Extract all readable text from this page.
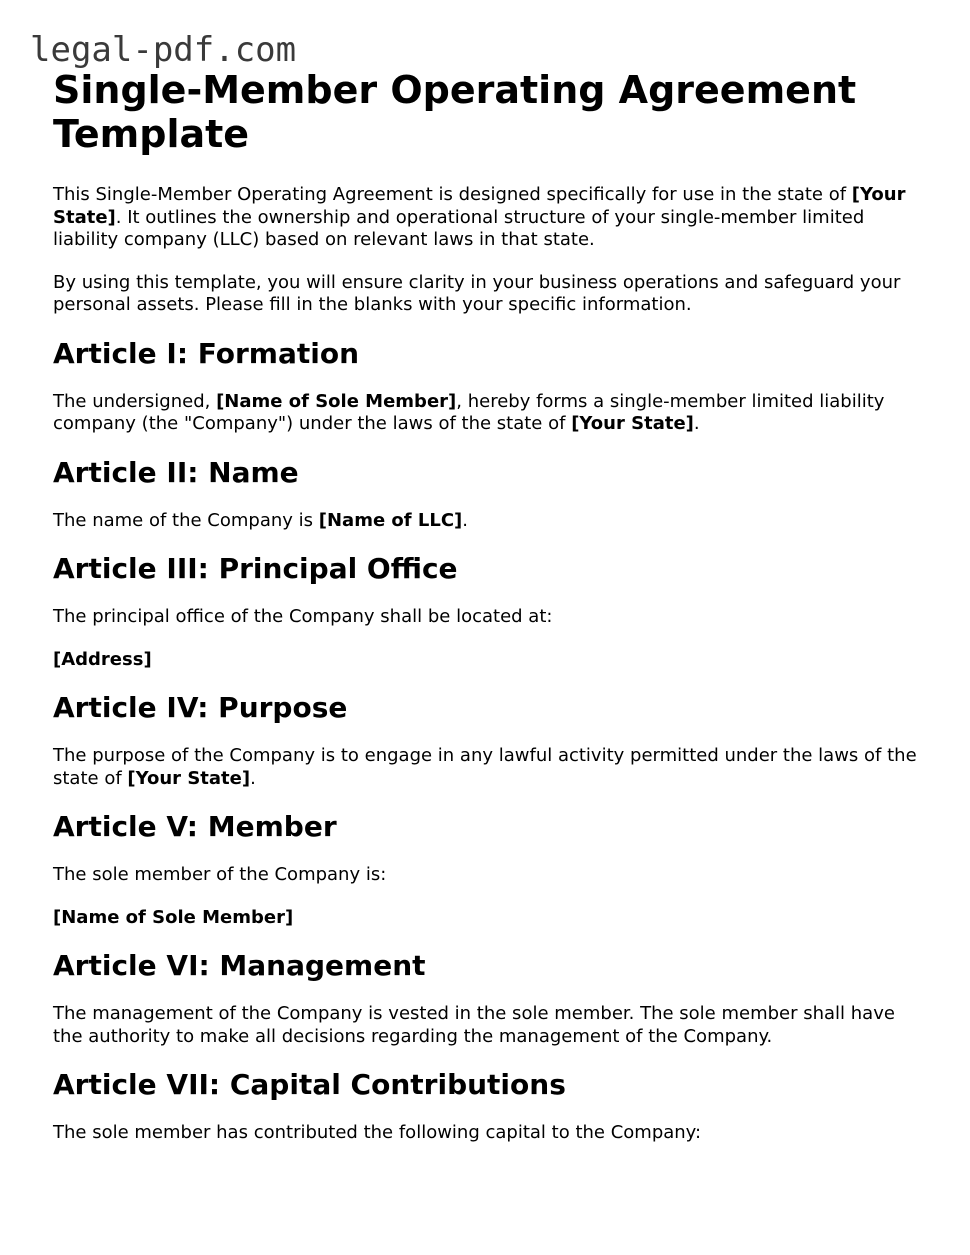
legal-pdf.com
Single-Member Operating Agreement Template

This Single-Member Operating Agreement is designed specifically for use in the state of [Your State]. It outlines the ownership and operational structure of your single-member limited liability company (LLC) based on relevant laws in that state.

By using this template, you will ensure clarity in your business operations and safeguard your personal assets. Please fill in the blanks with your specific information.

Article I: Formation

The undersigned, [Name of Sole Member], hereby forms a single-member limited liability company (the "Company") under the laws of the state of [Your State].

Article II: Name

The name of the Company is [Name of LLC].

Article III: Principal Office

The principal office of the Company shall be located at:

[Address]

Article IV: Purpose

The purpose of the Company is to engage in any lawful activity permitted under the laws of the state of [Your State].

Article V: Member

The sole member of the Company is:

[Name of Sole Member]

Article VI: Management

The management of the Company is vested in the sole member. The sole member shall have the authority to make all decisions regarding the management of the Company.

Article VII: Capital Contributions

The sole member has contributed the following capital to the Company:
